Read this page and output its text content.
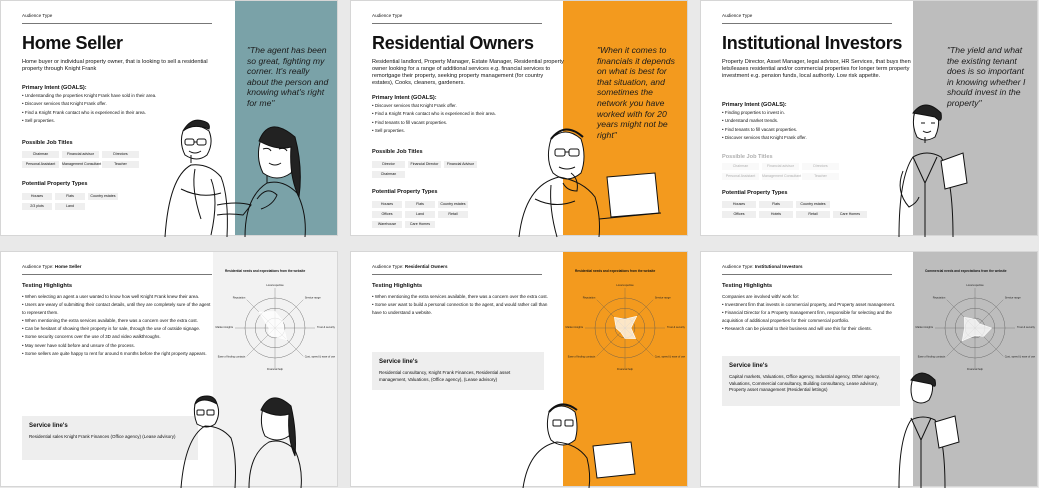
Audience Type
Home Seller
Home buyer or individual property owner, that is looking to sell a residential property through Knight Frank
Primary Intent (GOALS):
• Understanding the properties Knight Frank have sold in their area.
• Discover services that Knight Frank offer.
• Find a Knight Frank contact who is experienced in their area.
• Sell properties.
Possible Job Titles
Chairman	Financial advisor	Directors
Personal Assistant	Management Consultant	Teacher
Potential Property Types
Houses	Flats	Country estates
2/3 plots	Land
"The agent has been so great, fighting my corner. It's really about the person and knowing what's right for me"
Audience Type
Residential Owners
Residential landlord, Property Manager, Estate Manager, Residential property owner looking for a range of additional services e.g. financial services to remortgage their property, seeking property management (for country estates), Cooks, cleaners, gardeners.
Primary Intent (GOALS):
• Discover services that Knight Frank offer.
• Find a Knight Frank contact who is experienced in their area.
• Find tenants to fill vacant properties.
• Sell properties.
Possible Job Titles
Director	Financial Director	Financial Advisor
Chairman
Potential Property Types
Houses	Flats	Country estates
Offices	Land	Retail
Warehouse	Care Homes
"When it comes to financials it depends on what is best for that situation, and sometimes the network you have worked with for 20 years might not be right"
Audience Type
Institutional Investors
Property Director, Asset Manager, legal advisor, HR Services, that buys then lets/leases residential and/or commercial properties for longer term property investment e.g. pension funds, local authority. Low risk appetite.
Primary Intent (GOALS):
• Finding properties to invest in.
• Understand market trends.
• Find tenants to fill vacant properties.
• Discover services that Knight Frank offer.
Possible Job Titles
Chairman	Financial advisor	Directors
Personal Assistant	Management Consultant	Teacher
Potential Property Types
Houses	Flats	Country estates
Offices	Hotels	Retail	Care Homes
"The yield and what the existing tenant does is so important in knowing whether I should invest in the property"
Audience Type: Home Seller
Testing Highlights
• When selecting an agent a user wanted to know how well Knight Frank knew their area.
• Users are weary of submitting their contact details, until they are completely sure of the agent to represent them.
• When mentioning the extra services available, there was a concern over the extra cost.
• Can be hesitant of showing their property is for sale, through the use of outside signage.
• Some security concerns over the use of 3D and video walkthroughs.
• May never have sold before and unsure of the process.
• Some sellers are quite happy to rent for around 6 months before the right property appears.
Service line's
Residential sales Knight Frank Finances (Office agency) (Lease advisory)
Residential needs and expectations from the website
Local expertise
Service range
Trust & security
Cost, speed & ease of use
Financial help
Ease of finding contacts
Market insights
Reputation
Audience Type: Residential Owners
Testing Highlights
• When mentioning the extra services available, there was a concern over the extra cost.
• Some user want to build a personal connection to the agent, and would rather call than have to understand a website.
Service line's
Residential consultancy, Knight Frank Finances, Residential asset management, Valuations, (Office agency), (Lease advisory)
Residential needs and expectations from the website
Local expertise
Service range
Trust & security
Cost, speed & ease of use
Financial help
Ease of finding contacts
Market insights
Reputation
Audience Type: Institutional Investors
Testing Highlights
Companies are involved with/ work for:
• Investment firm that invests in commercial property, and Property asset management.
• Financial Director for a Property management firm, responsible for selecting and the acquisition of additional properties for their commercial portfolio.
• Research can be pivotal to their business and will use this for their clients.
Service line's
Capital markets, Valuations, Office agency, Industrial agency, Other agency, Valuations, Commercial consultancy, Building consultancy, Lease advisory, Property asset management (Residential lettings)
Commercial needs and expectations from the website
Local expertise
Service range
Trust & security
Cost, speed & ease of use
Financial help
Ease of finding contacts
Market insights
Reputation
